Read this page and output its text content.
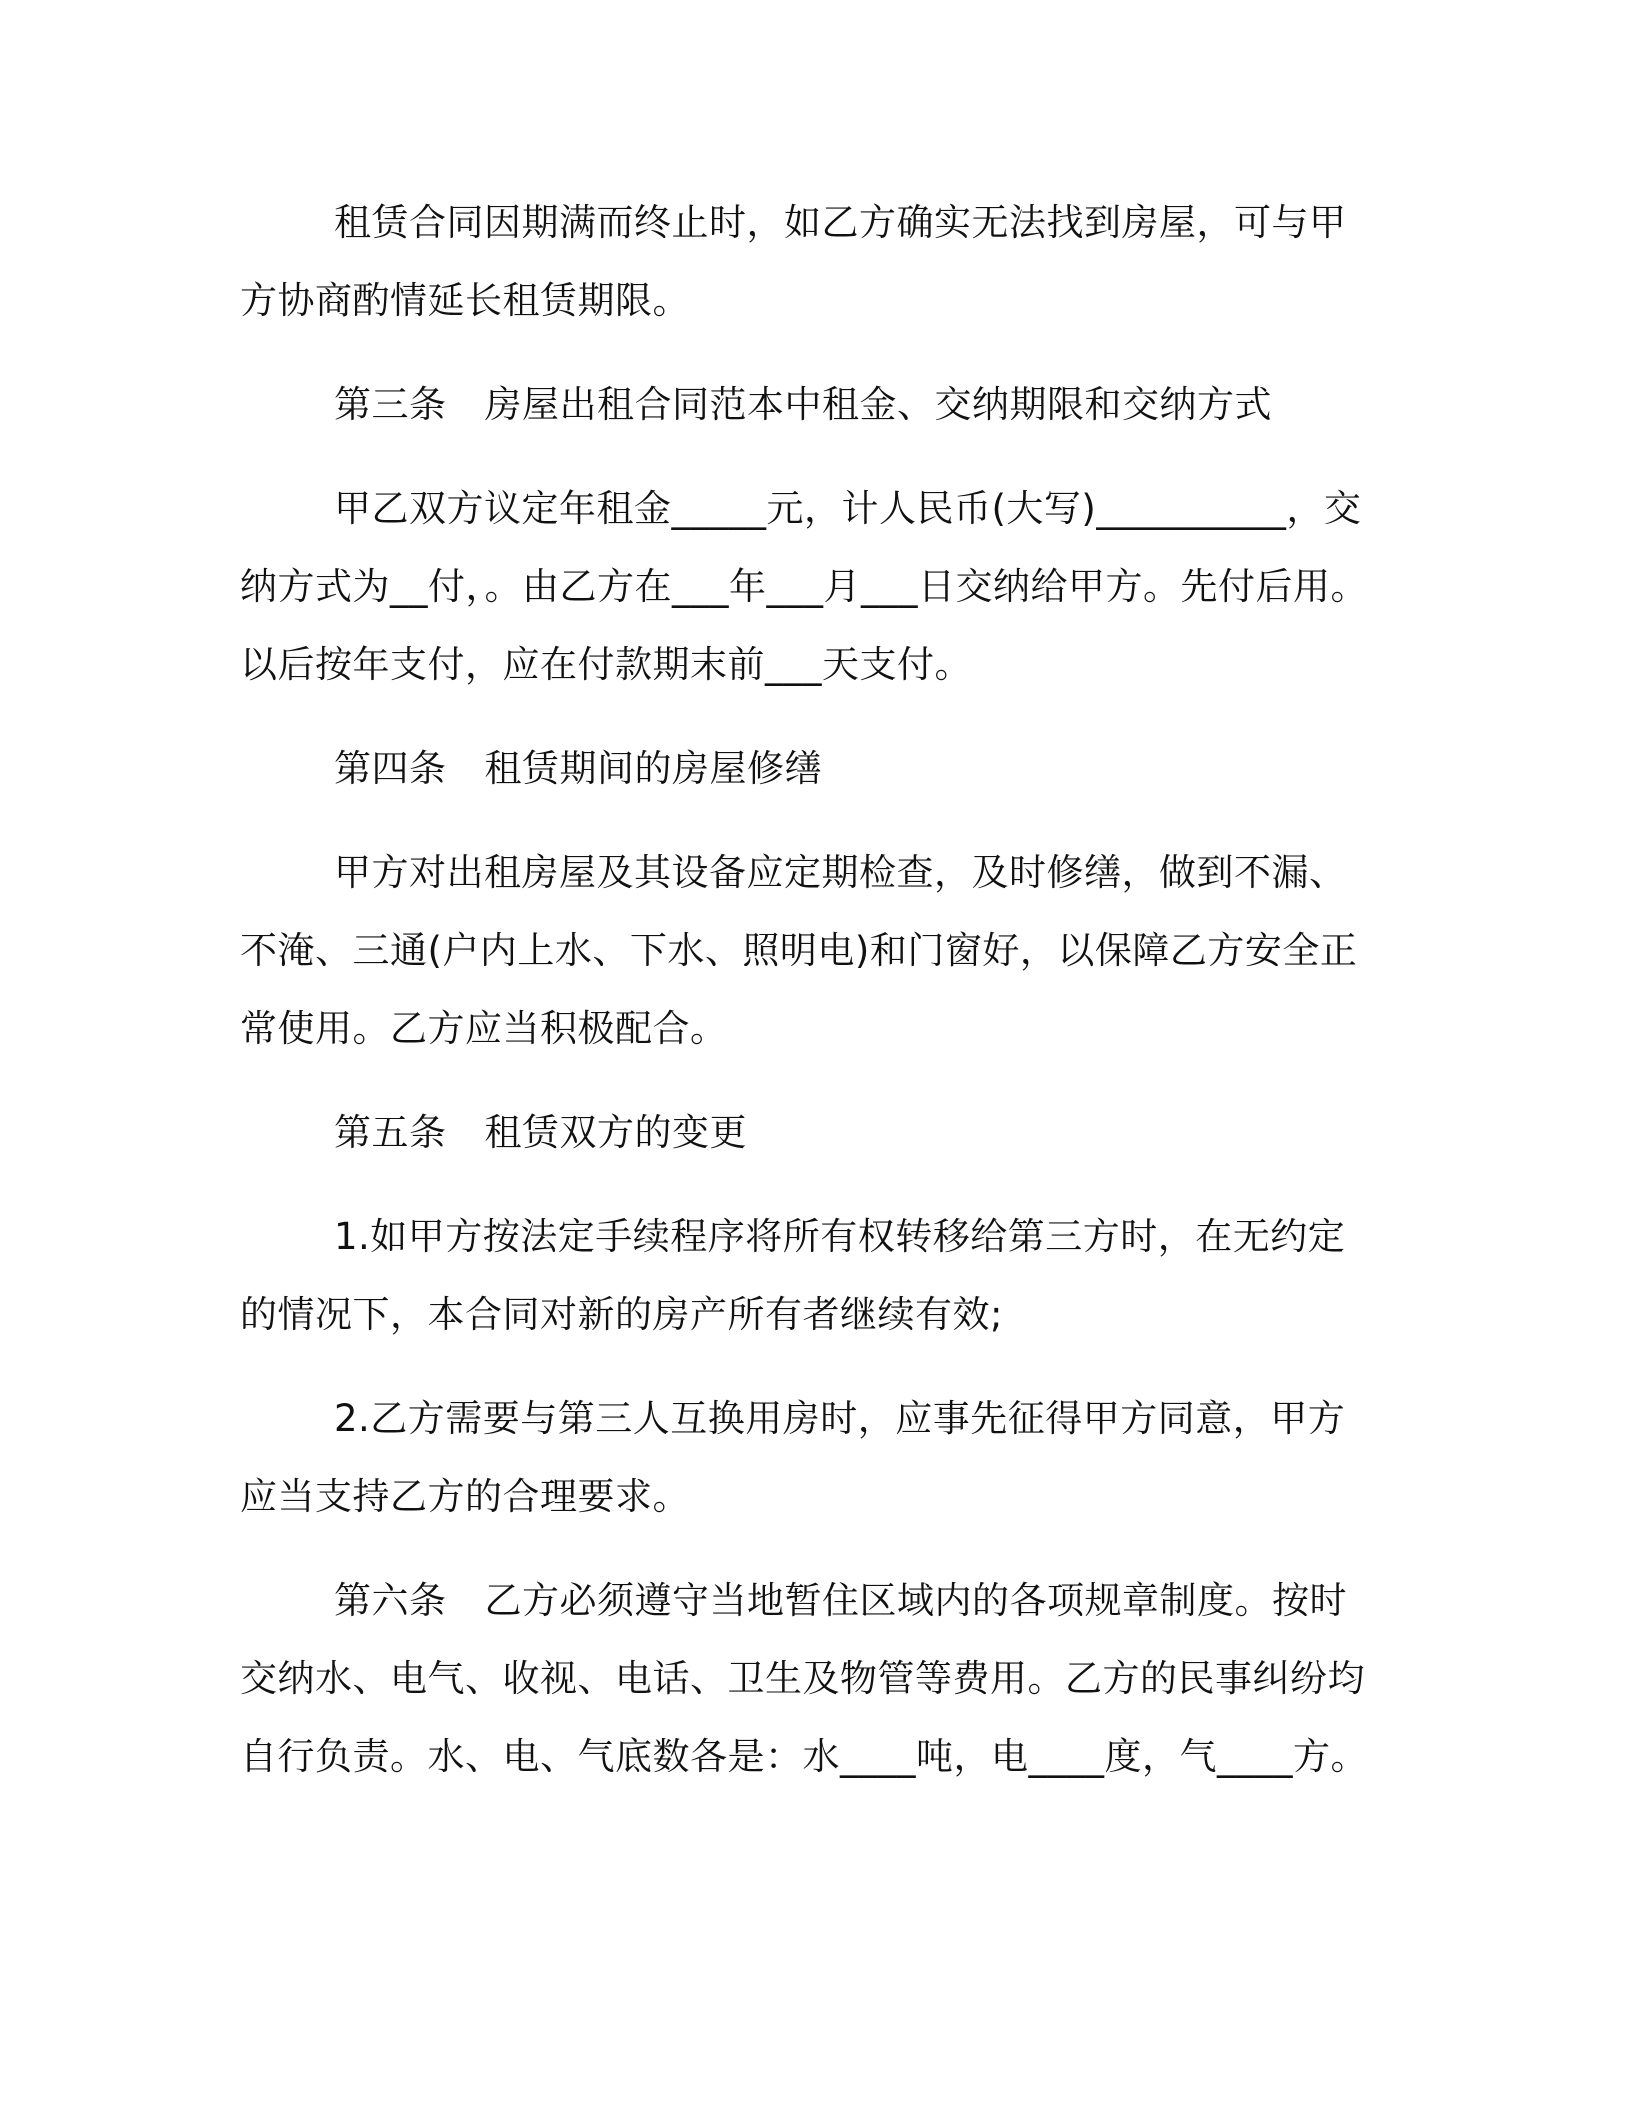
租赁合同因期满而终止时，如乙方确实无法找到房屋，可与甲方协商酌情延长租赁期限。

第三条 房屋出租合同范本中租金、交纳期限和交纳方式

甲乙双方议定年租金_____元，计人民币(大写)__________，交纳方式为__付，。由乙方在___年___月___日交纳给甲方。先付后用。以后按年支付，应在付款期末前___天支付。

第四条 租赁期间的房屋修缮

甲方对出租房屋及其设备应定期检查，及时修缮，做到不漏、不淹、三通(户内上水、下水、照明电)和门窗好，以保障乙方安全正常使用。乙方应当积极配合。

第五条 租赁双方的变更

1.如甲方按法定手续程序将所有权转移给第三方时，在无约定的情况下，本合同对新的房产所有者继续有效;

2.乙方需要与第三人互换用房时，应事先征得甲方同意，甲方应当支持乙方的合理要求。

第六条 乙方必须遵守当地暂住区域内的各项规章制度。按时交纳水、电气、收视、电话、卫生及物管等费用。乙方的民事纠纷均自行负责。水、电、气底数各是：水____吨，电____度，气____方。
